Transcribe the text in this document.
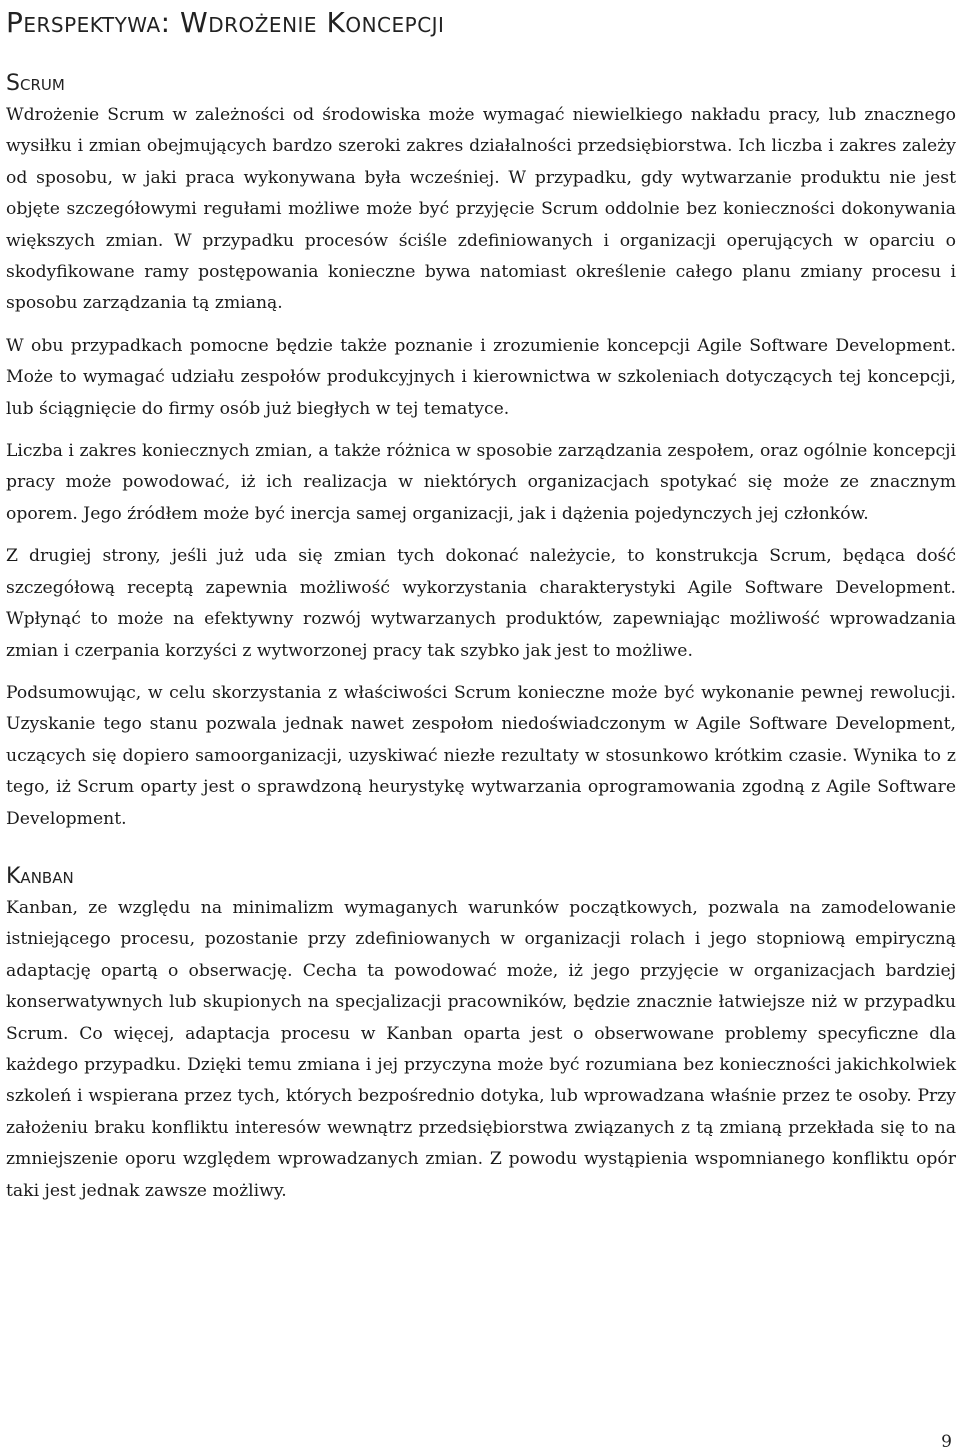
Perspektywa: Wdrożenie Koncepcji
Scrum

Wdrożenie Scrum w zależności od środowiska może wymagać niewielkiego nakładu pracy, lub znacznego wysiłku i zmian obejmujących bardzo szeroki zakres działalności przedsiębiorstwa. Ich liczba i zakres zależy od sposobu, w jaki praca wykonywana była wcześniej. W przypadku, gdy wytwarzanie produktu nie jest objęte szczegółowymi regułami możliwe może być przyjęcie Scrum oddolnie bez konieczności dokonywania większych zmian. W przypadku procesów ściśle zdefiniowanych i organizacji operujących w oparciu o skodyfikowane ramy postępowania konieczne bywa natomiast określenie całego planu zmiany procesu i sposobu zarządzania tą zmianą.

W obu przypadkach pomocne będzie także poznanie i zrozumienie koncepcji Agile Software Development. Może to wymagać udziału zespołów produkcyjnych i kierownictwa w szkoleniach dotyczących tej koncepcji, lub ściągnięcie do firmy osób już biegłych w tej tematyce.

Liczba i zakres koniecznych zmian, a także różnica w sposobie zarządzania zespołem, oraz ogólnie koncepcji pracy może powodować, iż ich realizacja w niektórych organizacjach spotykać się może ze znacznym oporem. Jego źródłem może być inercja samej organizacji, jak i dążenia pojedynczych jej członków.

Z drugiej strony, jeśli już uda się zmian tych dokonać należycie, to konstrukcja Scrum, będąca dość szczegółową receptą zapewnia możliwość wykorzystania charakterystyki Agile Software Development. Wpłynąć to może na efektywny rozwój wytwarzanych produktów, zapewniając możliwość wprowadzania zmian i czerpania korzyści z wytworzonej pracy tak szybko jak jest to możliwe.

Podsumowując, w celu skorzystania z właściwości Scrum konieczne może być wykonanie pewnej rewolucji. Uzyskanie tego stanu pozwala jednak nawet zespołom niedoświadczonym w Agile Software Development, uczących się dopiero samoorganizacji, uzyskiwać niezłe rezultaty w stosunkowo krótkim czasie. Wynika to z tego, iż Scrum oparty jest o sprawdzoną heurystykę wytwarzania oprogramowania zgodną z Agile Software Development.

Kanban

Kanban, ze względu na minimalizm wymaganych warunków początkowych, pozwala na zamodelowanie istniejącego procesu, pozostanie przy zdefiniowanych w organizacji rolach i jego stopniową empiryczną adaptację opartą o obserwację. Cecha ta powodować może, iż jego przyjęcie w organizacjach bardziej konserwatywnych lub skupionych na specjalizacji pracowników, będzie znacznie łatwiejsze niż w przypadku Scrum. Co więcej, adaptacja procesu w Kanban oparta jest o obserwowane problemy specyficzne dla każdego przypadku. Dzięki temu zmiana i jej przyczyna może być rozumiana bez konieczności jakichkolwiek szkoleń i wspierana przez tych, których bezpośrednio dotyka, lub wprowadzana właśnie przez te osoby. Przy założeniu braku konfliktu interesów wewnątrz przedsiębiorstwa związanych z tą zmianą przekłada się to na zmniejszenie oporu względem wprowadzanych zmian. Z powodu wystąpienia wspomnianego konfliktu opór taki jest jednak zawsze możliwy.

9
